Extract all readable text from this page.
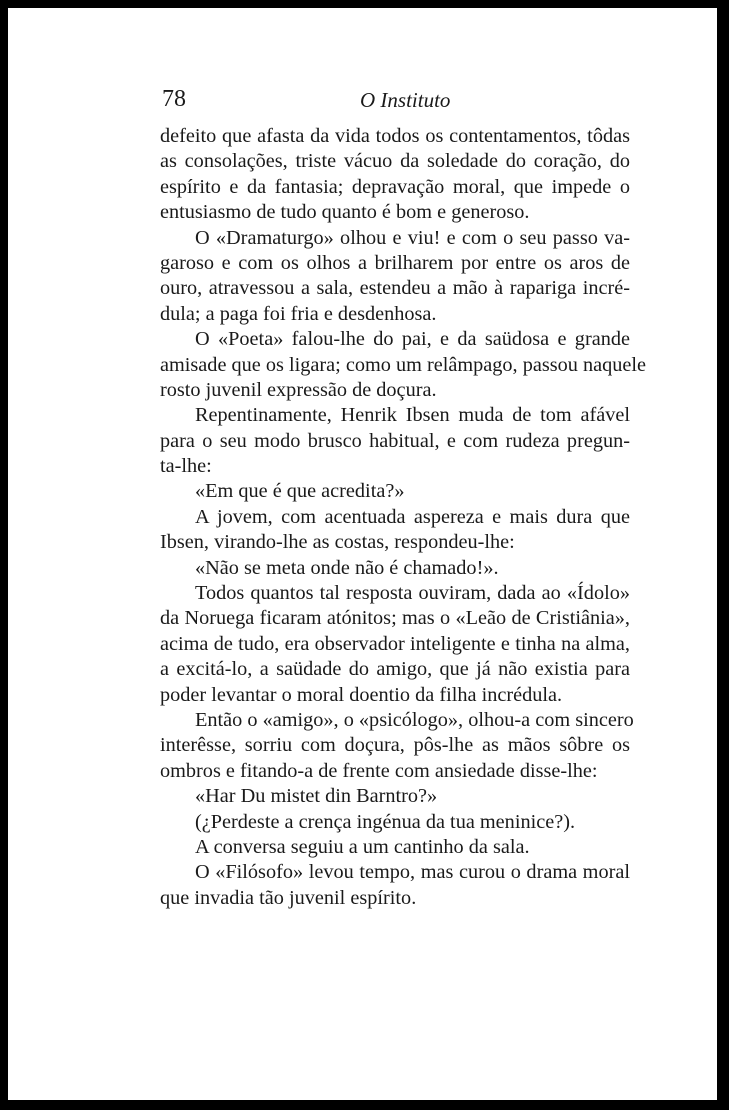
78	O Instituto
defeito que afasta da vida todos os contentamentos, tôdas
as consolações, triste vácuo da soledade do coração, do
espírito e da fantasia; depravação moral, que impede o
entusiasmo de tudo quanto é bom e generoso.
O «Dramaturgo» olhou e viu! e com o seu passo va-
garoso e com os olhos a brilharem por entre os aros de
ouro, atravessou a sala, estendeu a mão à rapariga incré-
dula; a paga foi fria e desdenhosa.
O «Poeta» falou-lhe do pai, e da saüdosa e grande
amisade que os ligara; como um relâmpago, passou naquele
rosto juvenil expressão de doçura.
Repentinamente, Henrik Ibsen muda de tom afável
para o seu modo brusco habitual, e com rudeza pregun-
ta-lhe:
«Em que é que acredita?»
A jovem, com acentuada aspereza e mais dura que
Ibsen, virando-lhe as costas, respondeu-lhe:
«Não se meta onde não é chamado!».
Todos quantos tal resposta ouviram, dada ao «Ídolo»
da Noruega ficaram atónitos; mas o «Leão de Cristiânia»,
acima de tudo, era observador inteligente e tinha na alma,
a excitá-lo, a saüdade do amigo, que já não existia para
poder levantar o moral doentio da filha incrédula.
Então o «amigo», o «psicólogo», olhou-a com sincero
interêsse, sorriu com doçura, pôs-lhe as mãos sôbre os
ombros e fitando-a de frente com ansiedade disse-lhe:
«Har Du mistet din Barntro?»
(¿Perdeste a crença ingénua da tua meninice?).
A conversa seguiu a um cantinho da sala.
O «Filósofo» levou tempo, mas curou o drama moral
que invadia tão juvenil espírito.
